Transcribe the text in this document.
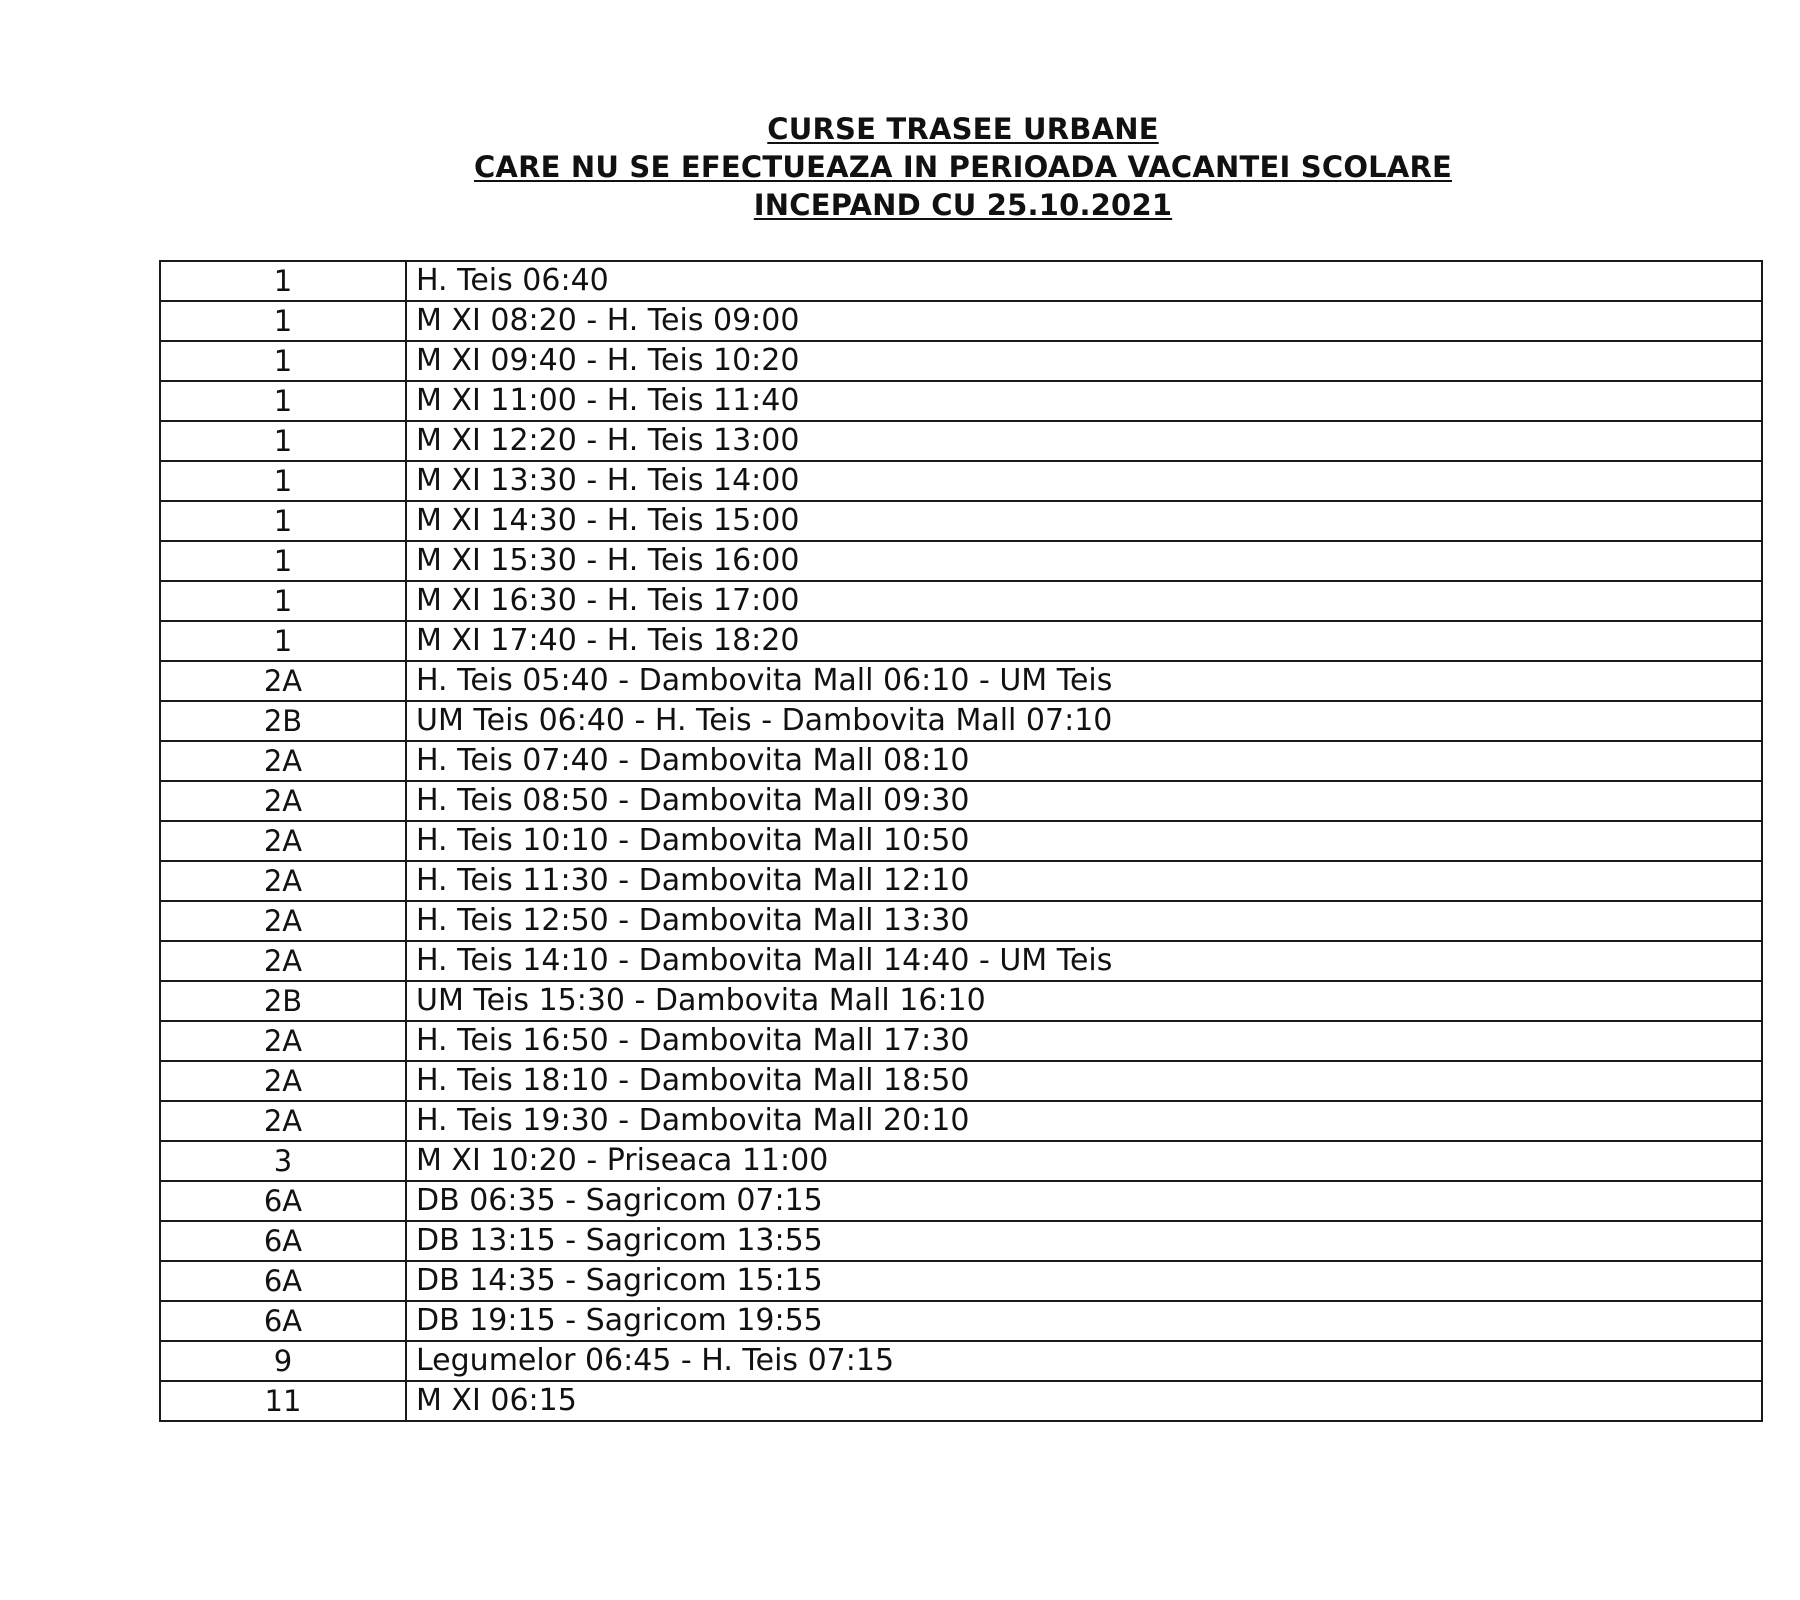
CURSE TRASEE URBANE
CARE NU SE EFECTUEAZA IN PERIOADA VACANTEI SCOLARE
INCEPAND CU 25.10.2021
1	H. Teis 06:40
1	M XI 08:20 - H. Teis 09:00
1	M XI 09:40 - H. Teis 10:20
1	M XI 11:00 - H. Teis 11:40
1	M XI 12:20 - H. Teis 13:00
1	M XI 13:30 - H. Teis 14:00
1	M XI 14:30 - H. Teis 15:00
1	M XI 15:30 - H. Teis 16:00
1	M XI 16:30 - H. Teis 17:00
1	M XI 17:40 - H. Teis 18:20
2A	H. Teis 05:40 - Dambovita Mall 06:10 - UM Teis
2B	UM Teis 06:40 - H. Teis - Dambovita Mall 07:10
2A	H. Teis 07:40 - Dambovita Mall 08:10
2A	H. Teis 08:50 - Dambovita Mall 09:30
2A	H. Teis 10:10 - Dambovita Mall 10:50
2A	H. Teis 11:30 - Dambovita Mall 12:10
2A	H. Teis 12:50 - Dambovita Mall 13:30
2A	H. Teis 14:10 - Dambovita Mall 14:40 - UM Teis
2B	UM Teis 15:30 - Dambovita Mall 16:10
2A	H. Teis 16:50 - Dambovita Mall 17:30
2A	H. Teis 18:10 - Dambovita Mall 18:50
2A	H. Teis 19:30 - Dambovita Mall 20:10
3	M XI 10:20 - Priseaca 11:00
6A	DB 06:35 - Sagricom 07:15
6A	DB 13:15 - Sagricom 13:55
6A	DB 14:35 - Sagricom 15:15
6A	DB 19:15 - Sagricom 19:55
9	Legumelor 06:45 - H. Teis 07:15
11	M XI 06:15
